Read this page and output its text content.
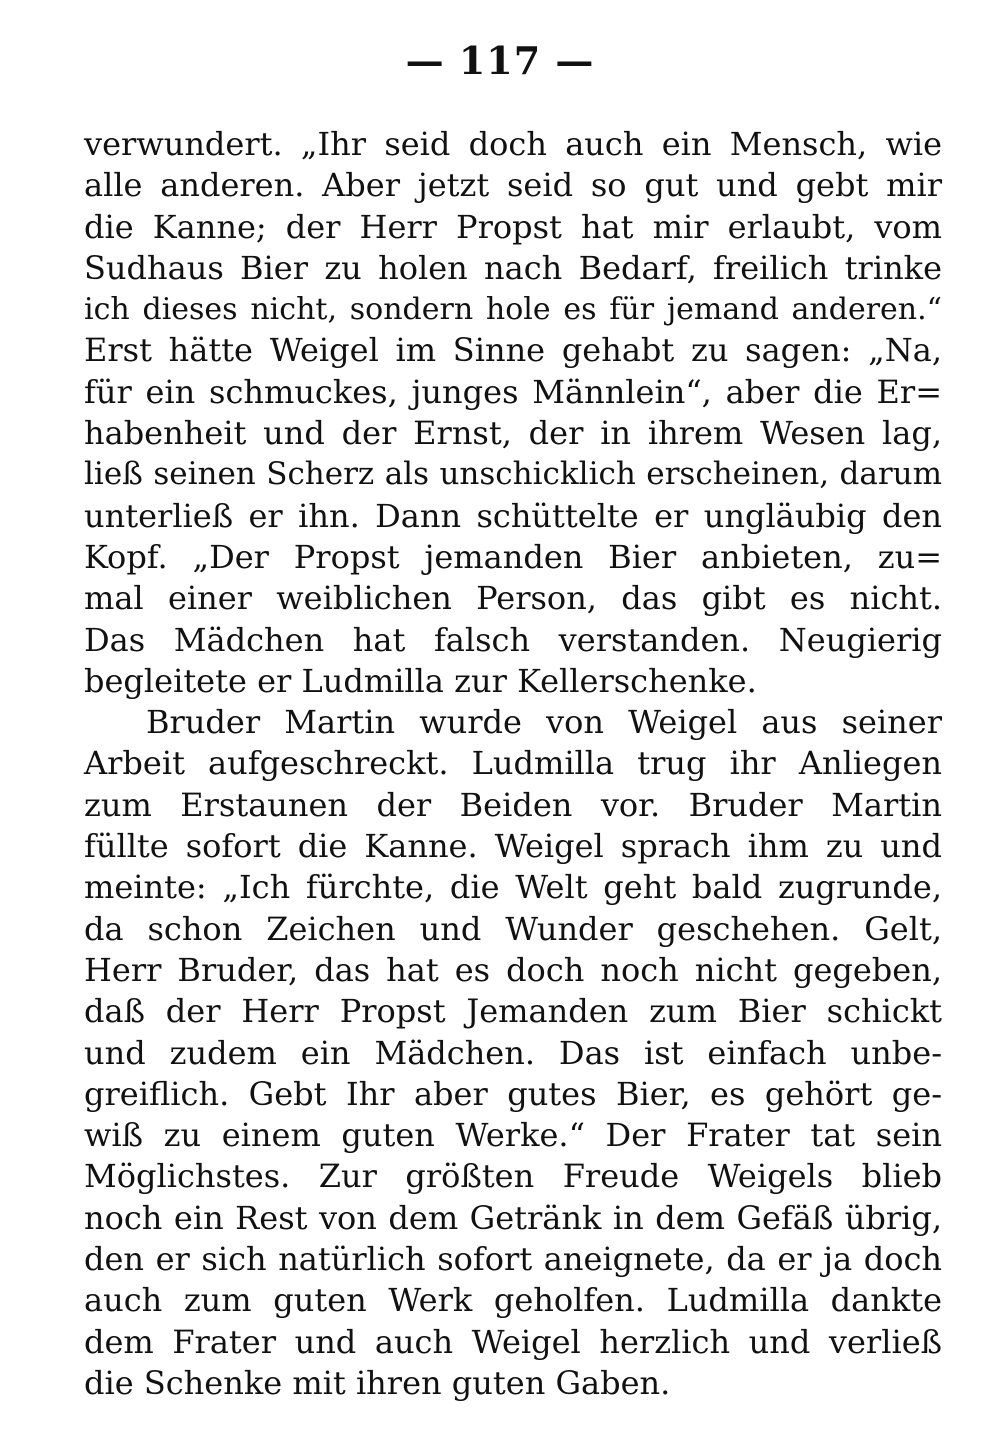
— 117 —
verwundert. „Ihr seid doch auch ein Mensch, wie
alle anderen. Aber jetzt seid so gut und gebt mir
die Kanne; der Herr Propst hat mir erlaubt, vom
Sudhaus Bier zu holen nach Bedarf, freilich trinke
ich dieses nicht, sondern hole es für jemand anderen.“
Erst hätte Weigel im Sinne gehabt zu sagen: „Na,
für ein schmuckes, junges Männlein“, aber die Er=
habenheit und der Ernst, der in ihrem Wesen lag,
ließ seinen Scherz als unschicklich erscheinen, darum
unterließ er ihn. Dann schüttelte er ungläubig den
Kopf. „Der Propst jemanden Bier anbieten, zu=
mal einer weiblichen Person, das gibt es nicht.
Das Mädchen hat falsch verstanden. Neugierig
begleitete er Ludmilla zur Kellerschenke.
Bruder Martin wurde von Weigel aus seiner
Arbeit aufgeschreckt. Ludmilla trug ihr Anliegen
zum Erstaunen der Beiden vor. Bruder Martin
füllte sofort die Kanne. Weigel sprach ihm zu und
meinte: „Ich fürchte, die Welt geht bald zugrunde,
da schon Zeichen und Wunder geschehen. Gelt,
Herr Bruder, das hat es doch noch nicht gegeben,
daß der Herr Propst Jemanden zum Bier schickt
und zudem ein Mädchen. Das ist einfach unbe-
greiflich. Gebt Ihr aber gutes Bier, es gehört ge-
wiß zu einem guten Werke.“ Der Frater tat sein
Möglichstes. Zur größten Freude Weigels blieb
noch ein Rest von dem Getränk in dem Gefäß übrig,
den er sich natürlich sofort aneignete, da er ja doch
auch zum guten Werk geholfen. Ludmilla dankte
dem Frater und auch Weigel herzlich und verließ
die Schenke mit ihren guten Gaben.
